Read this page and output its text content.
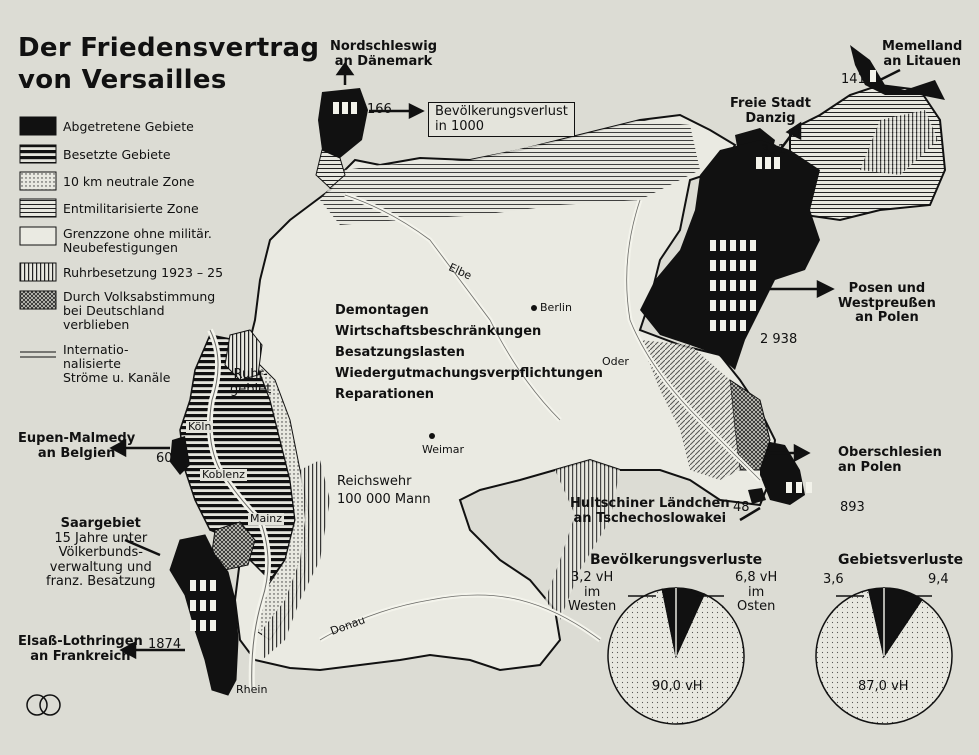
Der Friedensvertrag
von Versailles
Abgetretene Gebiete
Besetzte Gebiete
10 km neutrale Zone
Entmilitarisierte Zone
Grenzzone ohne militär.
Neubefestigungen
Ruhrbesetzung 1923 – 25
Durch Volksabstimmung
bei Deutschland
verblieben
Internatio-
nalisierte
Ströme u. Kanäle
Bevölkerungsverlust
in 1000
Nordschleswig
an Dänemark
166
Memelland
an Litauen
141
Freie Stadt
Danzig
331
Posen und
Westpreußen
an Polen
2 938
Oberschlesien
an Polen
893
Hultschiner Ländchen
an Tschechoslowakei
48
Eupen-Malmedy
an Belgien	60
Saargebiet
15 Jahre unter
Völkerbunds-
verwaltung und
franz. Besatzung
Elsaß-Lothringen
an Frankreich
1874
Berlin
Weimar
Köln
Koblenz
Mainz
Ruhr-
gebiet
Elbe
Oder
Donau
Rhein
Demontagen
Wirtschaftsbeschränkungen
Besatzungslasten
Wiedergutmachungsverpflichtungen
Reparationen
Reichswehr
100 000 Mann
Bevölkerungsverluste
3,2 vH
im
Westen
6,8 vH
im
Osten
90,0 vH
Gebietsverluste
3,6	9,4
87,0 vH
